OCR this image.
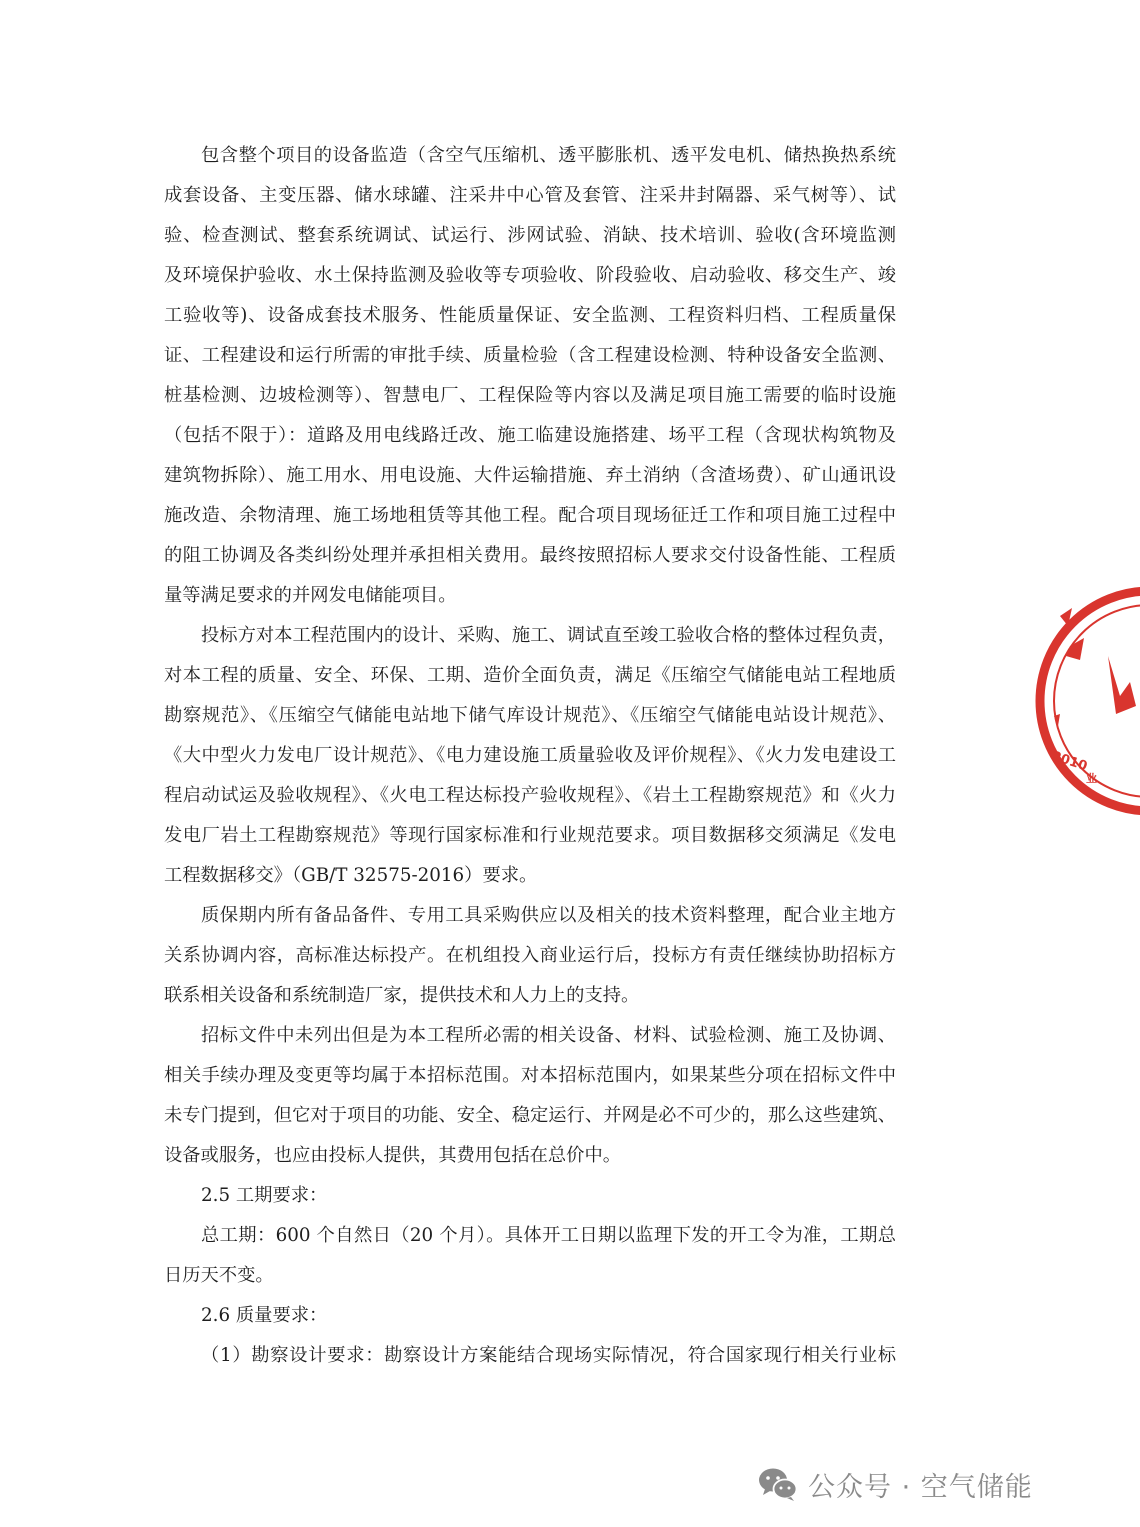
包含整个项目的设备监造（含空气压缩机、透平膨胀机、透平发电机、储热换热系统
成套设备、主变压器、储水球罐、注采井中心管及套管、注采井封隔器、采气树等）、试
验、检查测试、整套系统调试、试运行、涉网试验、消缺、技术培训、验收(含环境监测
及环境保护验收、水土保持监测及验收等专项验收、阶段验收、启动验收、移交生产、竣
工验收等)、设备成套技术服务、性能质量保证、安全监测、工程资料归档、工程质量保
证、工程建设和运行所需的审批手续、质量检验（含工程建设检测、特种设备安全监测、
桩基检测、边坡检测等）、智慧电厂、工程保险等内容以及满足项目施工需要的临时设施
（包括不限于）：道路及用电线路迁改、施工临建设施搭建、场平工程（含现状构筑物及
建筑物拆除）、施工用水、用电设施、大件运输措施、弃土消纳（含渣场费）、矿山通讯设
施改造、余物清理、施工场地租赁等其他工程。配合项目现场征迁工作和项目施工过程中
的阻工协调及各类纠纷处理并承担相关费用。最终按照招标人要求交付设备性能、工程质
量等满足要求的并网发电储能项目。
投标方对本工程范围内的设计、采购、施工、调试直至竣工验收合格的整体过程负责，
对本工程的质量、安全、环保、工期、造价全面负责，满足《压缩空气储能电站工程地质
勘察规范》、《压缩空气储能电站地下储气库设计规范》、《压缩空气储能电站设计规范》、
《大中型火力发电厂设计规范》、《电力建设施工质量验收及评价规程》、《火力发电建设工
程启动试运及验收规程》、《火电工程达标投产验收规程》、《岩土工程勘察规范》和《火力
发电厂岩土工程勘察规范》等现行国家标准和行业规范要求。项目数据移交须满足《发电
工程数据移交》（GB/T 32575-2016）要求。
质保期内所有备品备件、专用工具采购供应以及相关的技术资料整理，配合业主地方
关系协调内容，高标准达标投产。在机组投入商业运行后，投标方有责任继续协助招标方
联系相关设备和系统制造厂家，提供技术和人力上的支持。
招标文件中未列出但是为本工程所必需的相关设备、材料、试验检测、施工及协调、
相关手续办理及变更等均属于本招标范围。对本招标范围内，如果某些分项在招标文件中
未专门提到，但它对于项目的功能、安全、稳定运行、并网是必不可少的，那么这些建筑、
设备或服务，也应由投标人提供，其费用包括在总价中。
2.5 工期要求：
总工期：600 个自然日（20 个月）。具体开工日期以监理下发的开工令为准，工期总
日历天不变。
2.6 质量要求：
（1）勘察设计要求：勘察设计方案能结合现场实际情况，符合国家现行相关行业标
2010
业
公众号 · 空气储能
